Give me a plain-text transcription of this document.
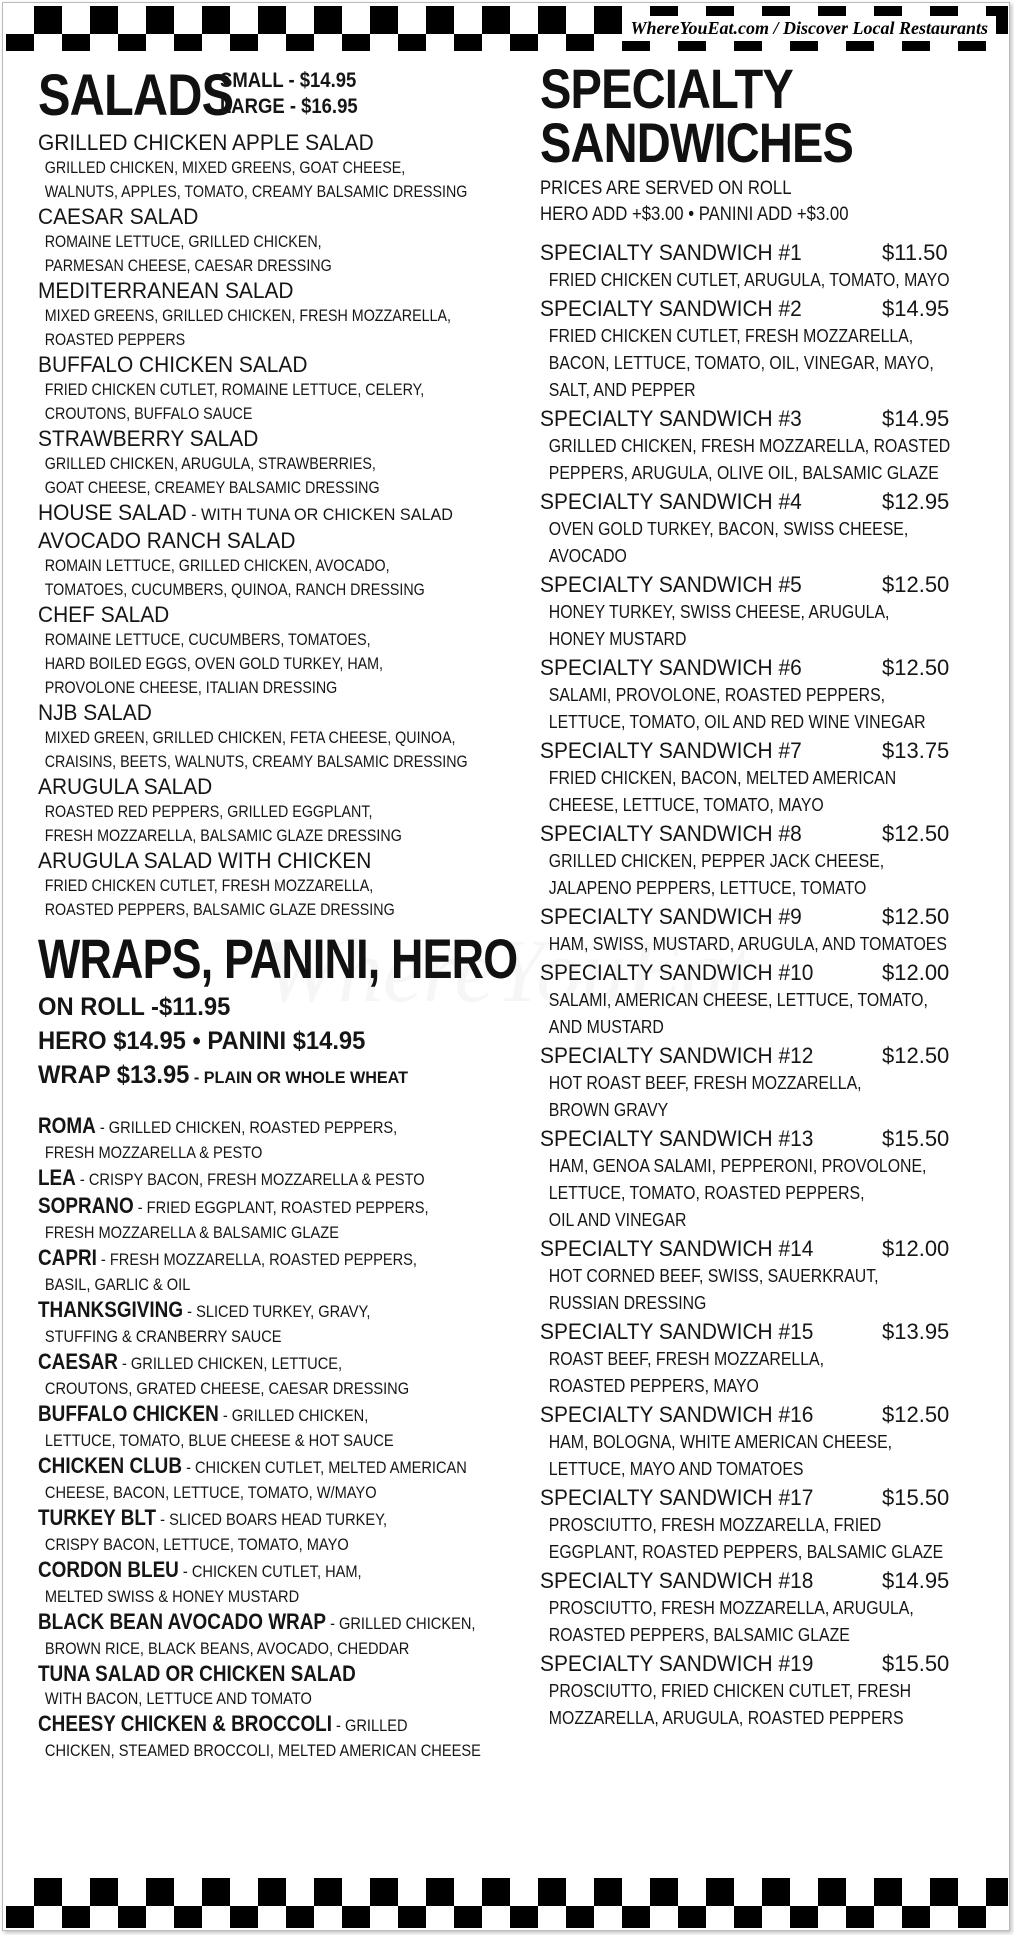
WhereYouEat.com / Discover Local Restaurants
SALADS
SMALL - $14.95
LARGE - $16.95
GRILLED CHICKEN APPLE SALAD
GRILLED CHICKEN, MIXED GREENS, GOAT CHEESE,
WALNUTS, APPLES, TOMATO, CREAMY BALSAMIC DRESSING
CAESAR SALAD
ROMAINE LETTUCE, GRILLED CHICKEN,
PARMESAN CHEESE, CAESAR DRESSING
MEDITERRANEAN SALAD
MIXED GREENS, GRILLED CHICKEN, FRESH MOZZARELLA,
ROASTED PEPPERS
BUFFALO CHICKEN SALAD
FRIED CHICKEN CUTLET, ROMAINE LETTUCE, CELERY,
CROUTONS, BUFFALO SAUCE
STRAWBERRY SALAD
GRILLED CHICKEN, ARUGULA, STRAWBERRIES,
GOAT CHEESE, CREAMEY BALSAMIC DRESSING
HOUSE SALAD - WITH TUNA OR CHICKEN SALAD
AVOCADO RANCH SALAD
ROMAIN LETTUCE, GRILLED CHICKEN, AVOCADO,
TOMATOES, CUCUMBERS, QUINOA, RANCH DRESSING
CHEF SALAD
ROMAINE LETTUCE, CUCUMBERS, TOMATOES,
HARD BOILED EGGS, OVEN GOLD TURKEY, HAM,
PROVOLONE CHEESE, ITALIAN DRESSING
NJB SALAD
MIXED GREEN, GRILLED CHICKEN, FETA CHEESE, QUINOA,
CRAISINS, BEETS, WALNUTS, CREAMY BALSAMIC DRESSING
ARUGULA SALAD
ROASTED RED PEPPERS, GRILLED EGGPLANT,
FRESH MOZZARELLA, BALSAMIC GLAZE DRESSING
ARUGULA SALAD WITH CHICKEN
FRIED CHICKEN CUTLET, FRESH MOZZARELLA,
ROASTED PEPPERS, BALSAMIC GLAZE DRESSING
WRAPS, PANINI, HERO
ON ROLL -$11.95
HERO $14.95 • PANINI $14.95
WRAP $13.95 - PLAIN OR WHOLE WHEAT
ROMA - GRILLED CHICKEN, ROASTED PEPPERS,
FRESH MOZZARELLA & PESTO
LEA - CRISPY BACON, FRESH MOZZARELLA & PESTO
SOPRANO - FRIED EGGPLANT, ROASTED PEPPERS,
FRESH MOZZARELLA & BALSAMIC GLAZE
CAPRI - FRESH MOZZARELLA, ROASTED PEPPERS,
BASIL, GARLIC & OIL
THANKSGIVING - SLICED TURKEY, GRAVY,
STUFFING & CRANBERRY SAUCE
CAESAR - GRILLED CHICKEN, LETTUCE,
CROUTONS, GRATED CHEESE, CAESAR DRESSING
BUFFALO CHICKEN - GRILLED CHICKEN,
LETTUCE, TOMATO, BLUE CHEESE & HOT SAUCE
CHICKEN CLUB - CHICKEN CUTLET, MELTED AMERICAN
CHEESE, BACON, LETTUCE, TOMATO, W/MAYO
TURKEY BLT - SLICED BOARS HEAD TURKEY,
CRISPY BACON, LETTUCE, TOMATO, MAYO
CORDON BLEU - CHICKEN CUTLET, HAM,
MELTED SWISS & HONEY MUSTARD
BLACK BEAN AVOCADO WRAP - GRILLED CHICKEN,
BROWN RICE, BLACK BEANS, AVOCADO, CHEDDAR
TUNA SALAD OR CHICKEN SALAD
WITH BACON, LETTUCE AND TOMATO
CHEESY CHICKEN & BROCCOLI - GRILLED
CHICKEN, STEAMED BROCCOLI, MELTED AMERICAN CHEESE
SPECIALTY
SANDWICHES
PRICES ARE SERVED ON ROLL
HERO ADD +$3.00 • PANINI ADD +$3.00
SPECIALTY SANDWICH #1	$11.50
FRIED CHICKEN CUTLET, ARUGULA, TOMATO, MAYO
SPECIALTY SANDWICH #2	$14.95
FRIED CHICKEN CUTLET, FRESH MOZZARELLA,
BACON, LETTUCE, TOMATO, OIL, VINEGAR, MAYO,
SALT, AND PEPPER
SPECIALTY SANDWICH #3	$14.95
GRILLED CHICKEN, FRESH MOZZARELLA, ROASTED
PEPPERS, ARUGULA, OLIVE OIL, BALSAMIC GLAZE
SPECIALTY SANDWICH #4	$12.95
OVEN GOLD TURKEY, BACON, SWISS CHEESE,
AVOCADO
SPECIALTY SANDWICH #5	$12.50
HONEY TURKEY, SWISS CHEESE, ARUGULA,
HONEY MUSTARD
SPECIALTY SANDWICH #6	$12.50
SALAMI, PROVOLONE, ROASTED PEPPERS,
LETTUCE, TOMATO, OIL AND RED WINE VINEGAR
SPECIALTY SANDWICH #7	$13.75
FRIED CHICKEN, BACON, MELTED AMERICAN
CHEESE, LETTUCE, TOMATO, MAYO
SPECIALTY SANDWICH #8	$12.50
GRILLED CHICKEN, PEPPER JACK CHEESE,
JALAPENO PEPPERS, LETTUCE, TOMATO
SPECIALTY SANDWICH #9	$12.50
HAM, SWISS, MUSTARD, ARUGULA, AND TOMATOES
SPECIALTY SANDWICH #10	$12.00
SALAMI, AMERICAN CHEESE, LETTUCE, TOMATO,
AND MUSTARD
SPECIALTY SANDWICH #12	$12.50
HOT ROAST BEEF, FRESH MOZZARELLA,
BROWN GRAVY
SPECIALTY SANDWICH #13	$15.50
HAM, GENOA SALAMI, PEPPERONI, PROVOLONE,
LETTUCE, TOMATO, ROASTED PEPPERS,
OIL AND VINEGAR
SPECIALTY SANDWICH #14	$12.00
HOT CORNED BEEF, SWISS, SAUERKRAUT,
RUSSIAN DRESSING
SPECIALTY SANDWICH #15	$13.95
ROAST BEEF, FRESH MOZZARELLA,
ROASTED PEPPERS, MAYO
SPECIALTY SANDWICH #16	$12.50
HAM, BOLOGNA, WHITE AMERICAN CHEESE,
LETTUCE, MAYO AND TOMATOES
SPECIALTY SANDWICH #17	$15.50
PROSCIUTTO, FRESH MOZZARELLA, FRIED
EGGPLANT, ROASTED PEPPERS, BALSAMIC GLAZE
SPECIALTY SANDWICH #18	$14.95
PROSCIUTTO, FRESH MOZZARELLA, ARUGULA,
ROASTED PEPPERS, BALSAMIC GLAZE
SPECIALTY SANDWICH #19	$15.50
PROSCIUTTO, FRIED CHICKEN CUTLET, FRESH
MOZZARELLA, ARUGULA, ROASTED PEPPERS
